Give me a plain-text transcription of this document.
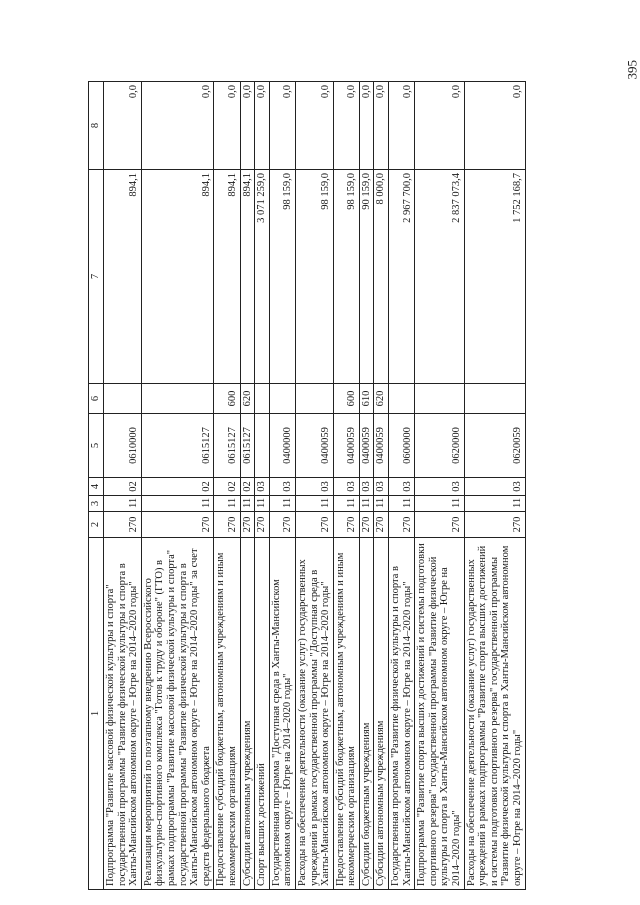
395
1	2	3	4	5	6	7	8
Подпрограмма "Развитие массовой физической культуры и спорта" государственной программы "Развитие физической культуры и спорта в Ханты-Мансийском автономном округе – Югре на 2014–2020 годы"	270	11	02	0610000		894,1	0,0
Реализация мероприятий по поэтапному внедрению Всероссийского физкультурно-спортивного комплекса "Готов к труду и обороне" (ГТО) в рамках подпрограммы "Развитие массовой физической культуры и спорта" государственной программы "Развитие физической культуры и спорта в Ханты-Мансийском автономном округе – Югре на 2014–2020 годы" за счет средств федерального бюджета	270	11	02	0615127		894,1	0,0
Предоставление субсидий бюджетным, автономным учреждениям и иным некоммерческим организациям	270	11	02	0615127	600	894,1	0,0
Субсидии автономным учреждениям	270	11	02	0615127	620	894,1	0,0
Спорт высших достижений	270	11	03			3 071 259,0	0,0
Государственная программа "Доступная среда в Ханты-Мансийском автономном округе – Югре на 2014–2020 годы"	270	11	03	0400000		98 159,0	0,0
Расходы на обеспечение деятельности (оказание услуг) государственных учреждений в рамках государственной программы "Доступная среда в Ханты-Мансийском автономном округе – Югре на 2014–2020 годы"	270	11	03	0400059		98 159,0	0,0
Предоставление субсидий бюджетным, автономным учреждениям и иным некоммерческим организациям	270	11	03	0400059	600	98 159,0	0,0
Субсидии бюджетным учреждениям	270	11	03	0400059	610	90 159,0	0,0
Субсидии автономным учреждениям	270	11	03	0400059	620	8 000,0	0,0
Государственная программа "Развитие физической культуры и спорта в Ханты-Мансийском автономном округе – Югре на 2014–2020 годы"	270	11	03	0600000		2 967 700,0	0,0
Подпрограмма "Развитие спорта высших достижений и системы подготовки спортивного резерва" государственной программы "Развитие физической культуры и спорта в Ханты-Мансийском автономном округе – Югре на 2014–2020 годы"	270	11	03	0620000		2 837 073,4	0,0
Расходы на обеспечение деятельности (оказание услуг) государственных учреждений в рамках подпрограммы "Развитие спорта высших достижений и системы подготовки спортивного резерва" государственной программы "Развитие физической культуры и спорта в Ханты-Мансийском автономном округе – Югре на 2014–2020 годы"	270	11	03	0620059		1 752 168,7	0,0
